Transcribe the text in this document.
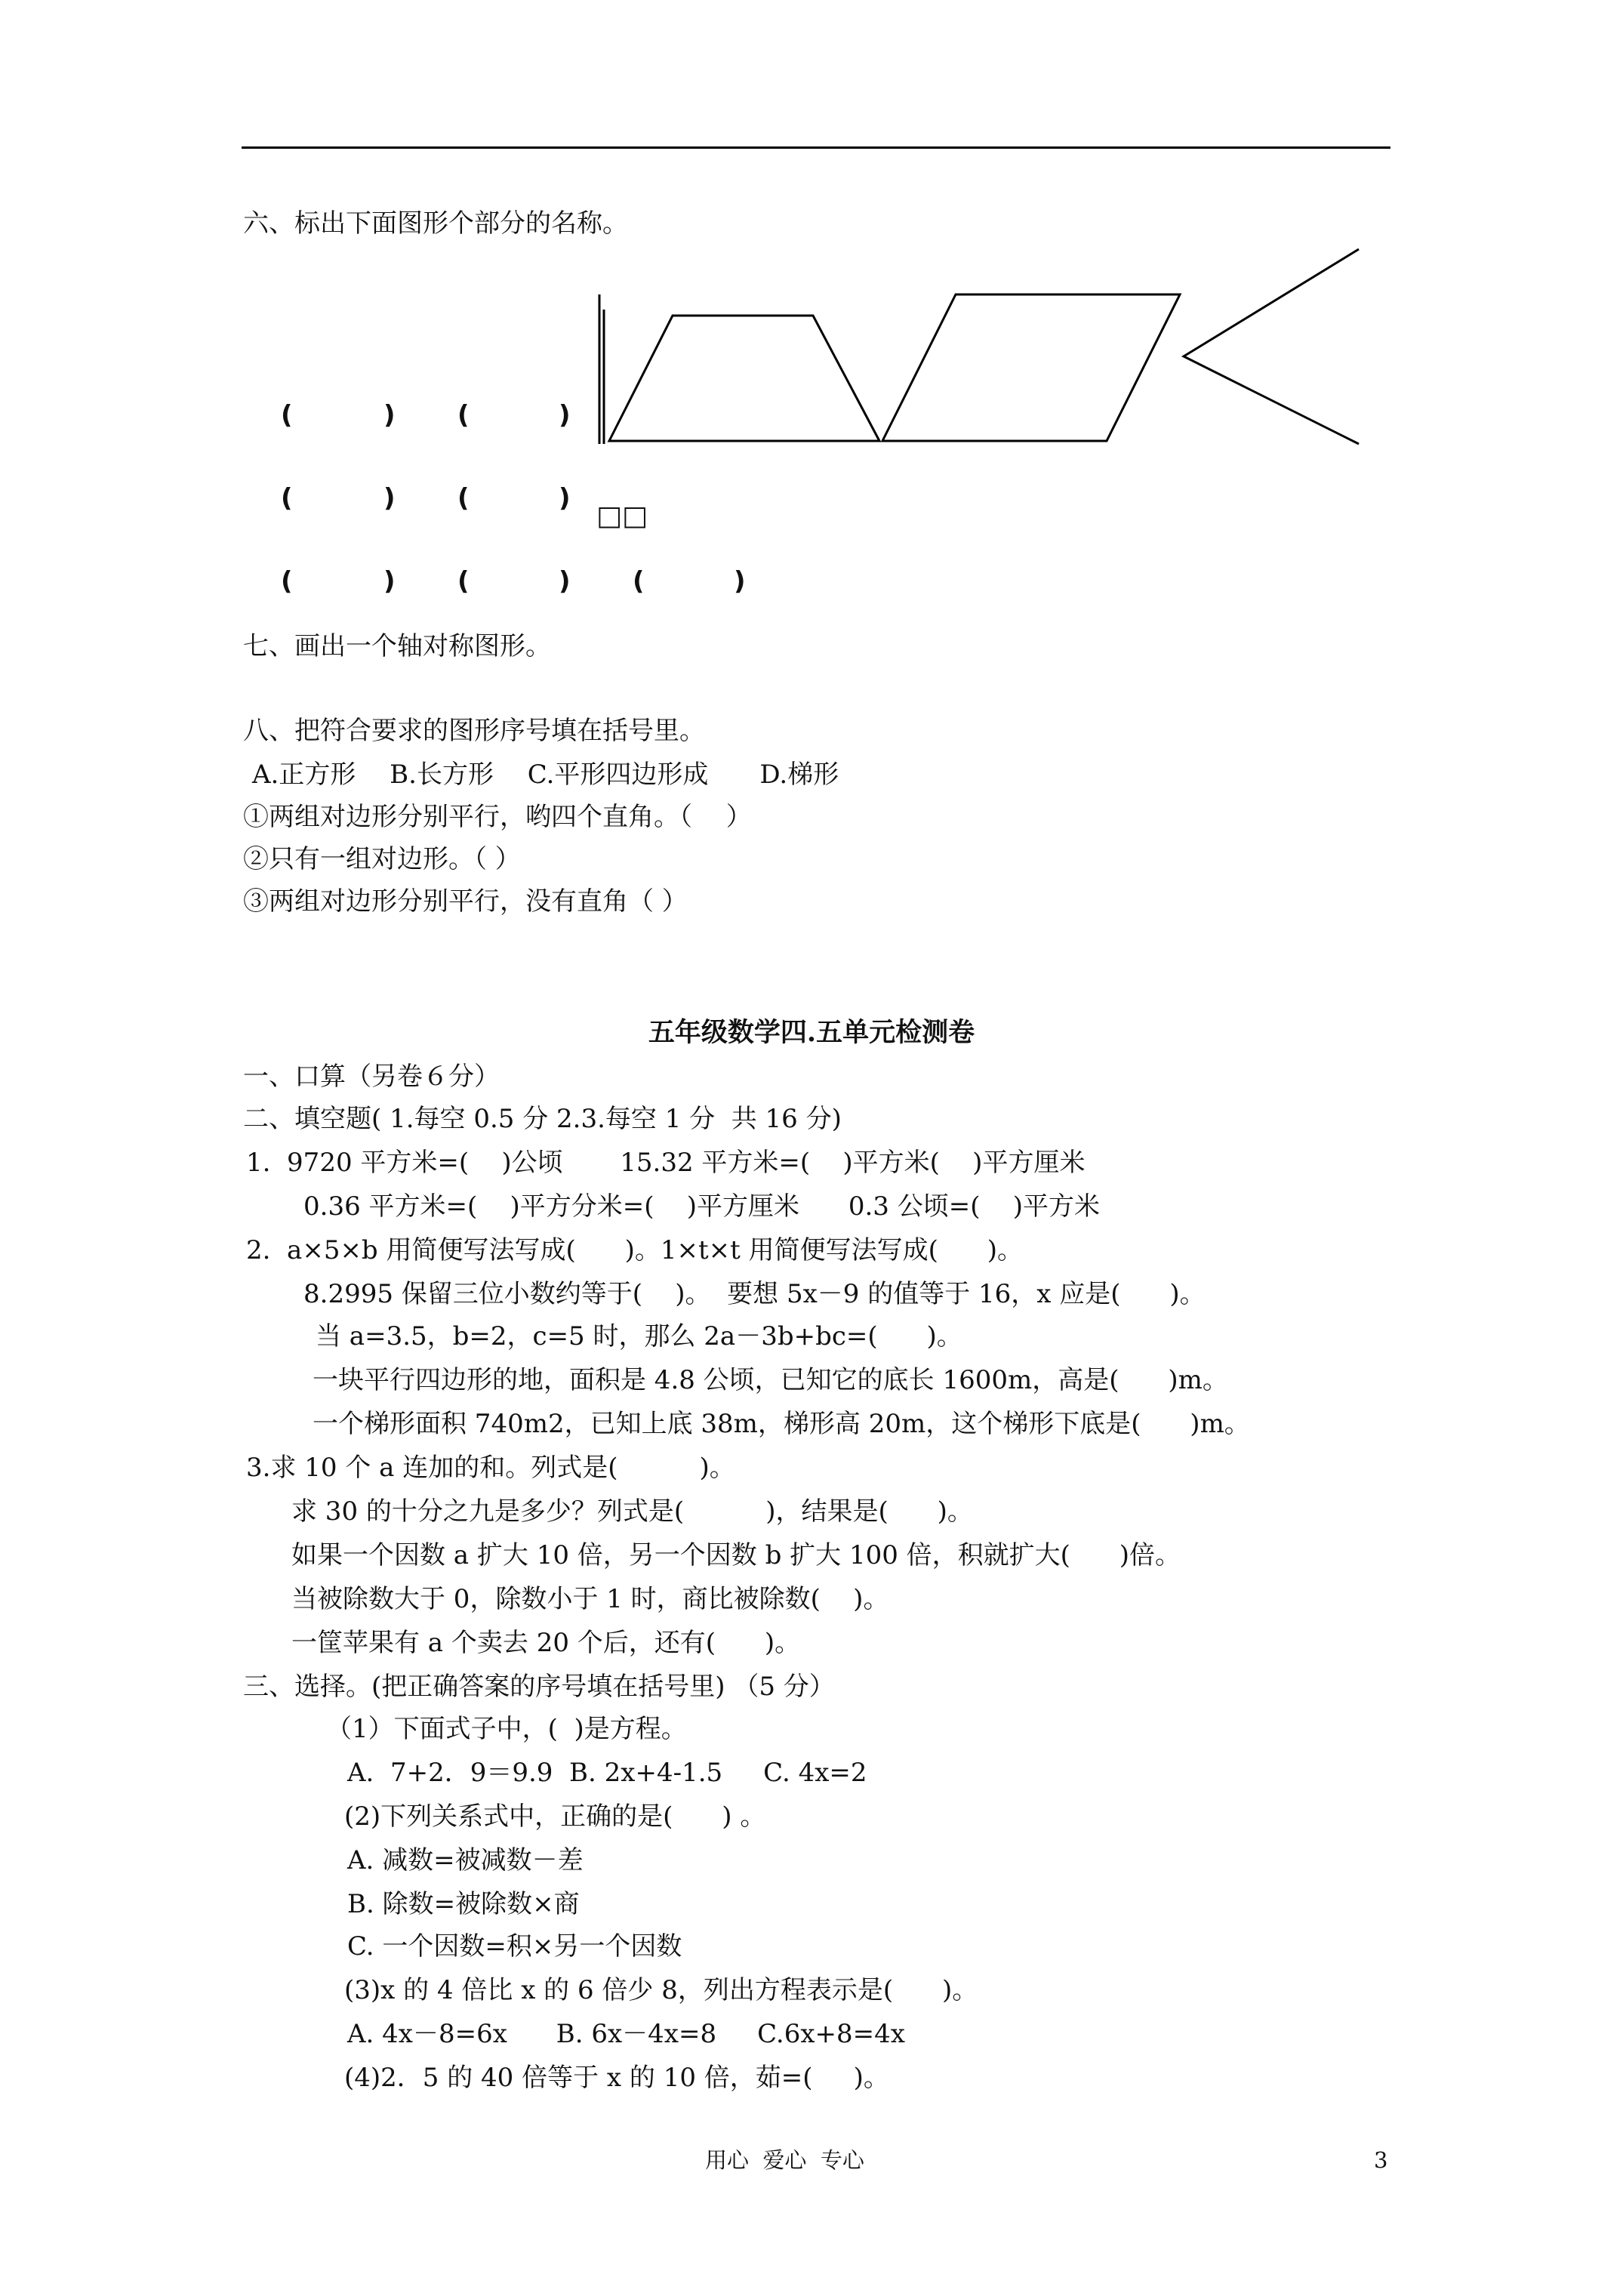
六、标出下面图形个部分的名称。
(	) (	)
(	) (	)
□□
(	) (	) (	)
七、画出一个轴对称图形。
八、把符合要求的图形序号填在括号里。
A.正方形　 B.长方形　 C.平形四边形成　　D.梯形
①两组对边形分别平行，哟四个直角。（　 ）
②只有一组对边形。（ ）
③两组对边形分别平行，没有直角（ ）
五年级数学四.五单元检测卷
一、口算（另卷６分）
二、填空题( 1.每空 0.5 分 2.3.每空 1 分  共 16 分)
1.  9720 平方米=(    )公顷       15.32 平方米=(    )平方米(    )平方厘米
0.36 平方米=(    )平方分米=(    )平方厘米      0.3 公顷=(    )平方米
2.  a×5×b 用简便写法写成(      )。1×t×t 用简便写法写成(      )。
8.2995 保留三位小数约等于(    )。  要想 5x－9 的值等于 16，x 应是(      )。
当 a=3.5，b=2，c=5 时，那么 2a－3b+bc=(      )。
一块平行四边形的地，面积是 4.8 公顷，已知它的底长 1600m，高是(      )m。
一个梯形面积 740m2，已知上底 38m，梯形高 20m，这个梯形下底是(      )m。
3.求 10 个 a 连加的和。列式是(          )。
求 30 的十分之九是多少？列式是(          )，结果是(      )。
如果一个因数 a 扩大 10 倍，另一个因数 b 扩大 100 倍，积就扩大(      )倍。
当被除数大于 0，除数小于 1 时，商比被除数(    )。
一筐苹果有 a 个卖去 20 个后，还有(      )。
三、选择。(把正确答案的序号填在括号里) （5 分）
（1）下面式子中，(  )是方程。
A.  7+2．9＝9.9  B. 2x+4-1.5     C. 4x=2
(2)下列关系式中，正确的是(      ) 。
A. 减数=被减数－差
B. 除数=被除数×商
C. 一个因数=积×另一个因数
(3)x 的 4 倍比 x 的 6 倍少 8，列出方程表示是(      )。
A. 4x－8=6x      B. 6x－4x=8     C.6x+8=4x
(4)2．5 的 40 倍等于 x 的 10 倍，茹=(     )。
用心  爱心  专心	3
